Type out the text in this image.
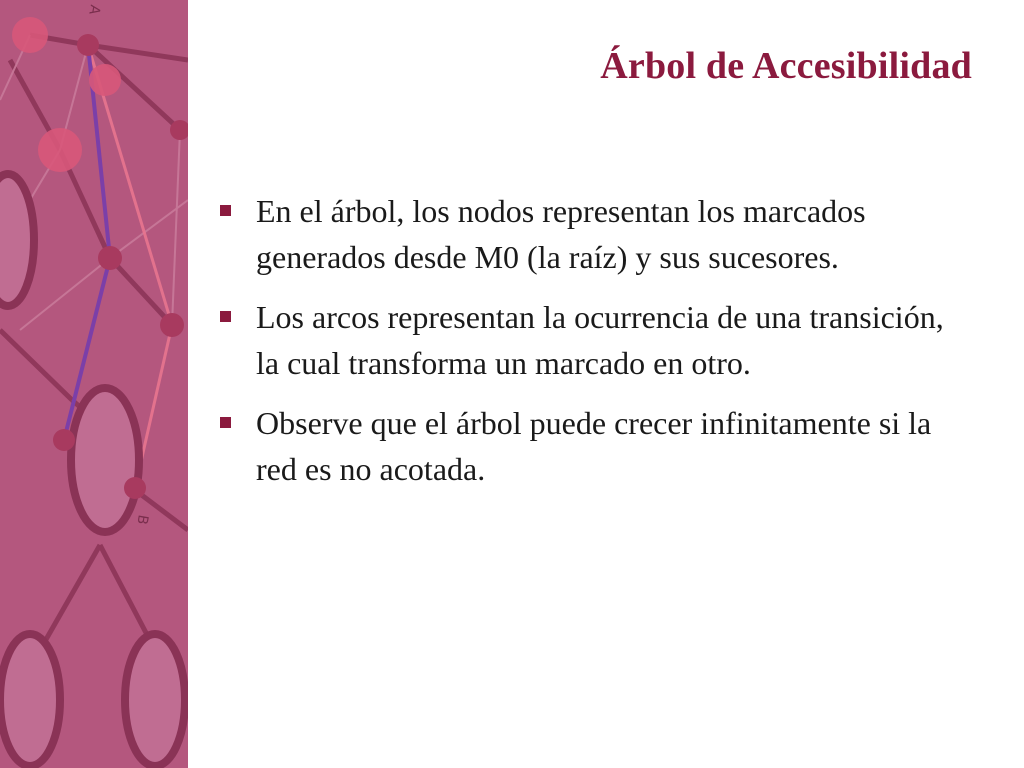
A
B
Árbol de Accesibilidad
En el árbol, los nodos representan los marcados generados desde M0 (la raíz) y sus sucesores.
Los arcos representan la ocurrencia de una transición, la cual transforma un marcado en otro.
Observe que el árbol puede crecer infinitamente si la red es no acotada.
